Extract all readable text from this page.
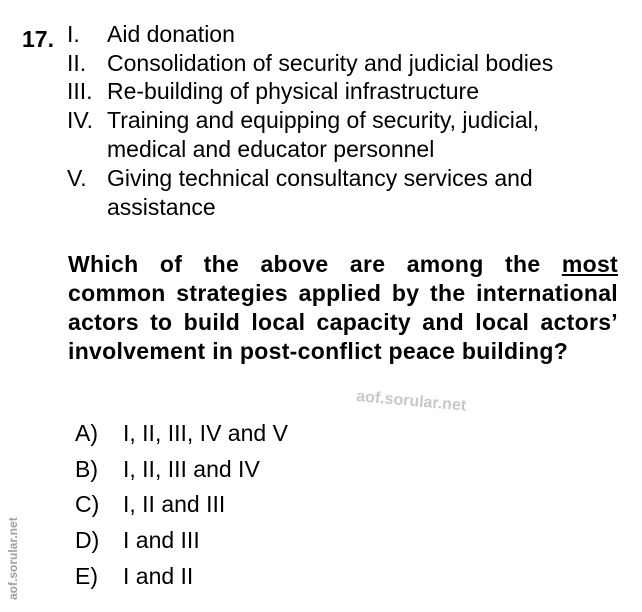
17. I.	Aid donation
II. Consolidation of security and judicial bodies
III. Re-building of physical infrastructure
IV. Training and equipping of security, judicial, medical and educator personnel
V. Giving technical consultancy services and assistance
Which of the above are among the most common strategies applied by the international actors to build local capacity and local actors’ involvement in post-conflict peace building?
aof.sorular.net
A)	I, II, III, IV and V
B)	I, II, III and IV
C)	I, II and III
D)	I and III
E)	I and II
aof.sorular.net
